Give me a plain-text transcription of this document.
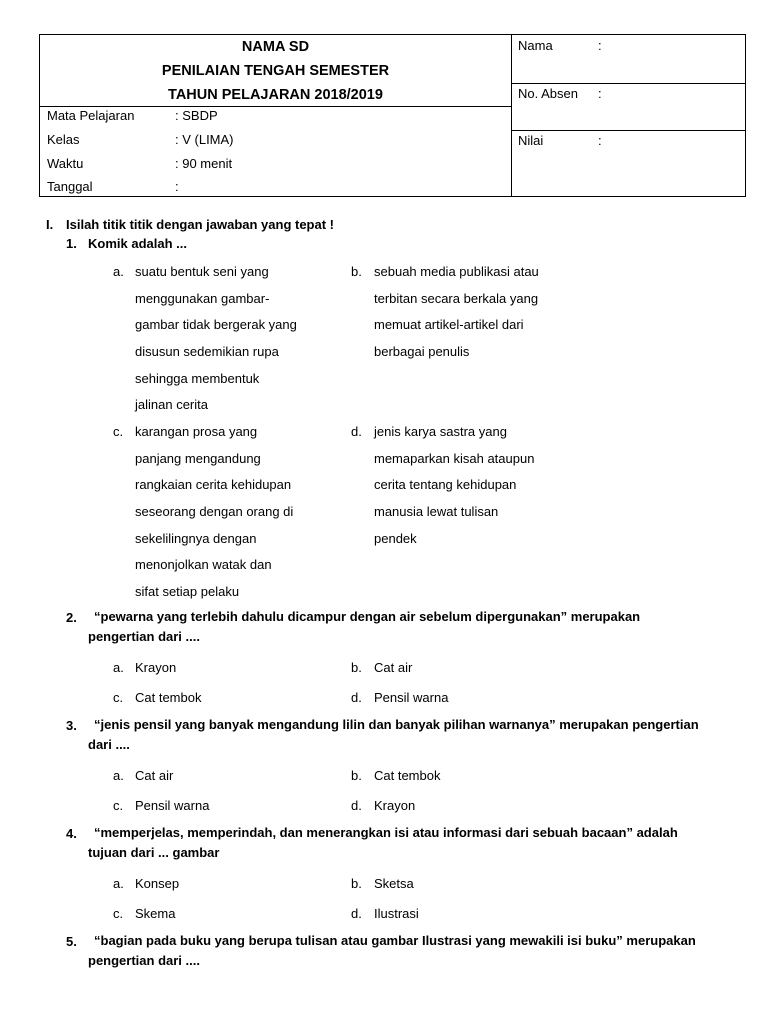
NAMA SD
PENILAIAN TENGAH SEMESTER
TAHUN PELAJARAN 2018/2019
Mata Pelajaran	: SBDP
Kelas	: V (LIMA)
Waktu	: 90 menit
Tanggal	:
Nama	:
No. Absen :
Nilai	:
I. Isilah titik titik dengan jawaban yang tepat !
1. Komik adalah ...
a. suatu bentuk seni yang
menggunakan gambar-
gambar tidak bergerak yang
disusun sedemikian rupa
sehingga membentuk
jalinan cerita
b. sebuah media publikasi atau
terbitan secara berkala yang
memuat artikel-artikel dari
berbagai penulis
c. karangan prosa yang
panjang mengandung
rangkaian cerita kehidupan
seseorang dengan orang di
sekelilingnya dengan
menonjolkan watak dan
sifat setiap pelaku
d. jenis karya sastra yang
memaparkan kisah ataupun
cerita tentang kehidupan
manusia lewat tulisan
pendek
2. “pewarna yang terlebih dahulu dicampur dengan air sebelum dipergunakan” merupakan
pengertian dari ....
a. Krayon	b. Cat air
c. Cat tembok	d. Pensil warna
3. “jenis pensil yang banyak mengandung lilin dan banyak pilihan warnanya” merupakan pengertian
dari ....
a. Cat air	b. Cat tembok
c. Pensil warna	d. Krayon
4. “memperjelas, memperindah, dan menerangkan isi atau informasi dari sebuah bacaan” adalah
tujuan dari ... gambar
a. Konsep	b. Sketsa
c. Skema	d. Ilustrasi
5. “bagian pada buku yang berupa tulisan atau gambar Ilustrasi yang mewakili isi buku” merupakan
pengertian dari ....
